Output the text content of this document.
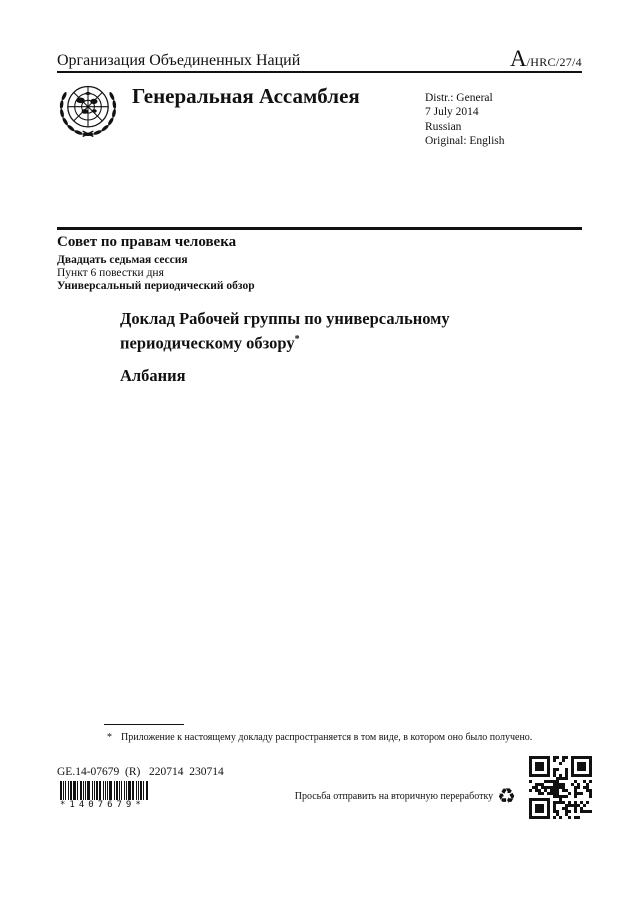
Организация Объединенных Наций	A/HRC/27/4
Генеральная Ассамблея	Distr.: General
7 July 2014
Russian
Original: English
Совет по правам человека
Двадцать седьмая сессия
Пункт 6 повестки дня
Универсальный периодический обзор
Доклад Рабочей группы по универсальному периодическому обзору*
Албания
* Приложение к настоящему докладу распространяется в том виде, в котором оно было получено.
GE.14-07679  (R)   220714  230714
*1407679*
Просьба отправить на вторичную переработку ♻
